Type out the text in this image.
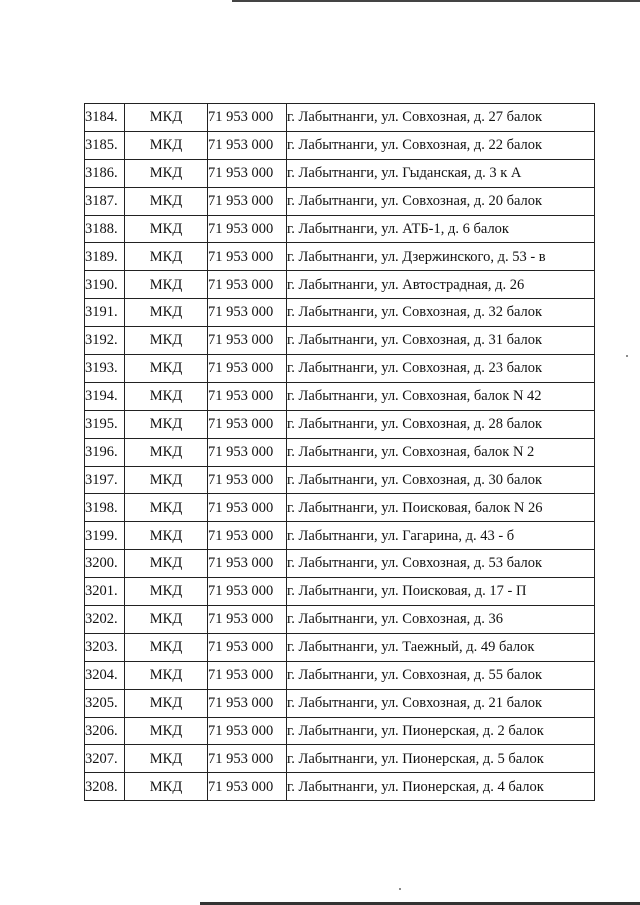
3184.	МКД	71 953 000	г. Лабытнанги, ул. Совхозная, д. 27 балок
3185.	МКД	71 953 000	г. Лабытнанги, ул. Совхозная, д. 22 балок
3186.	МКД	71 953 000	г. Лабытнанги, ул. Гыданская, д. 3 к А
3187.	МКД	71 953 000	г. Лабытнанги, ул. Совхозная, д. 20 балок
3188.	МКД	71 953 000	г. Лабытнанги, ул. АТБ-1, д. 6 балок
3189.	МКД	71 953 000	г. Лабытнанги, ул. Дзержинского, д. 53 - в
3190.	МКД	71 953 000	г. Лабытнанги, ул. Автострадная, д. 26
3191.	МКД	71 953 000	г. Лабытнанги, ул. Совхозная, д. 32 балок
3192.	МКД	71 953 000	г. Лабытнанги, ул. Совхозная, д. 31 балок
3193.	МКД	71 953 000	г. Лабытнанги, ул. Совхозная, д. 23 балок
3194.	МКД	71 953 000	г. Лабытнанги, ул. Совхозная, балок N 42
3195.	МКД	71 953 000	г. Лабытнанги, ул. Совхозная, д. 28 балок
3196.	МКД	71 953 000	г. Лабытнанги, ул. Совхозная, балок N 2
3197.	МКД	71 953 000	г. Лабытнанги, ул. Совхозная, д. 30 балок
3198.	МКД	71 953 000	г. Лабытнанги, ул. Поисковая, балок N 26
3199.	МКД	71 953 000	г. Лабытнанги, ул. Гагарина, д. 43 - б
3200.	МКД	71 953 000	г. Лабытнанги, ул. Совхозная, д. 53 балок
3201.	МКД	71 953 000	г. Лабытнанги, ул. Поисковая, д. 17 - П
3202.	МКД	71 953 000	г. Лабытнанги, ул. Совхозная, д. 36
3203.	МКД	71 953 000	г. Лабытнанги, ул. Таежный, д. 49 балок
3204.	МКД	71 953 000	г. Лабытнанги, ул. Совхозная, д. 55 балок
3205.	МКД	71 953 000	г. Лабытнанги, ул. Совхозная, д. 21 балок
3206.	МКД	71 953 000	г. Лабытнанги, ул. Пионерская, д. 2 балок
3207.	МКД	71 953 000	г. Лабытнанги, ул. Пионерская, д. 5 балок
3208.	МКД	71 953 000	г. Лабытнанги, ул. Пионерская, д. 4 балок
